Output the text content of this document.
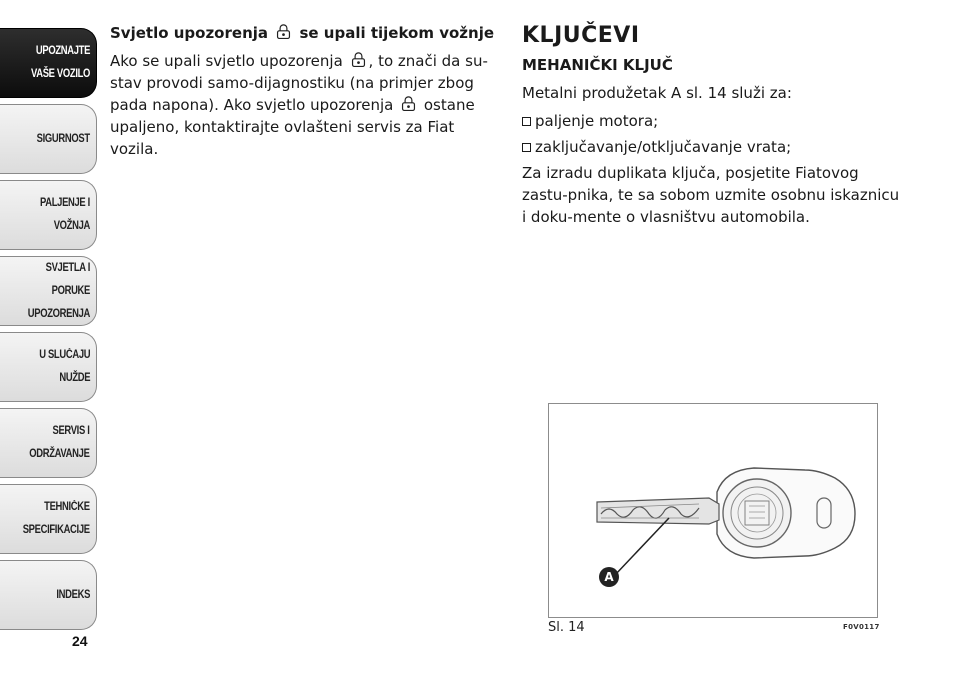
UPOZNAJTE
VAŠE VOZILO
SIGURNOST
PALJENJE I
VOŽNJA
SVJETLA I PORUKE
UPOZORENJA
U SLUČAJU
NUŽDE
SERVIS I
ODRŽAVANJE
TEHNIČKE
SPECIFIKACIJE
INDEKS
24

Svjetlo upozorenja se upali tijekom vožnje

Ako se upali svjetlo upozorenja , to znači da su-stav provodi samo-dijagnostiku (na primjer zbog pada napona). Ako svjetlo upozorenja ostane upaljeno, kontaktirajte ovlašteni servis za Fiat vozila.

KLJUČEVI

MEHANIČKI KLJUČ

Metalni produžetak A sl. 14 služi za:

paljenje motora;
zaključavanje/otključavanje vrata;

Za izradu duplikata ključa, posjetite Fiatovog zastu-pnika, te sa sobom uzmite osobnu iskaznicu i doku-mente o vlasništvu automobila.

A
Sl. 14	F0V0117
